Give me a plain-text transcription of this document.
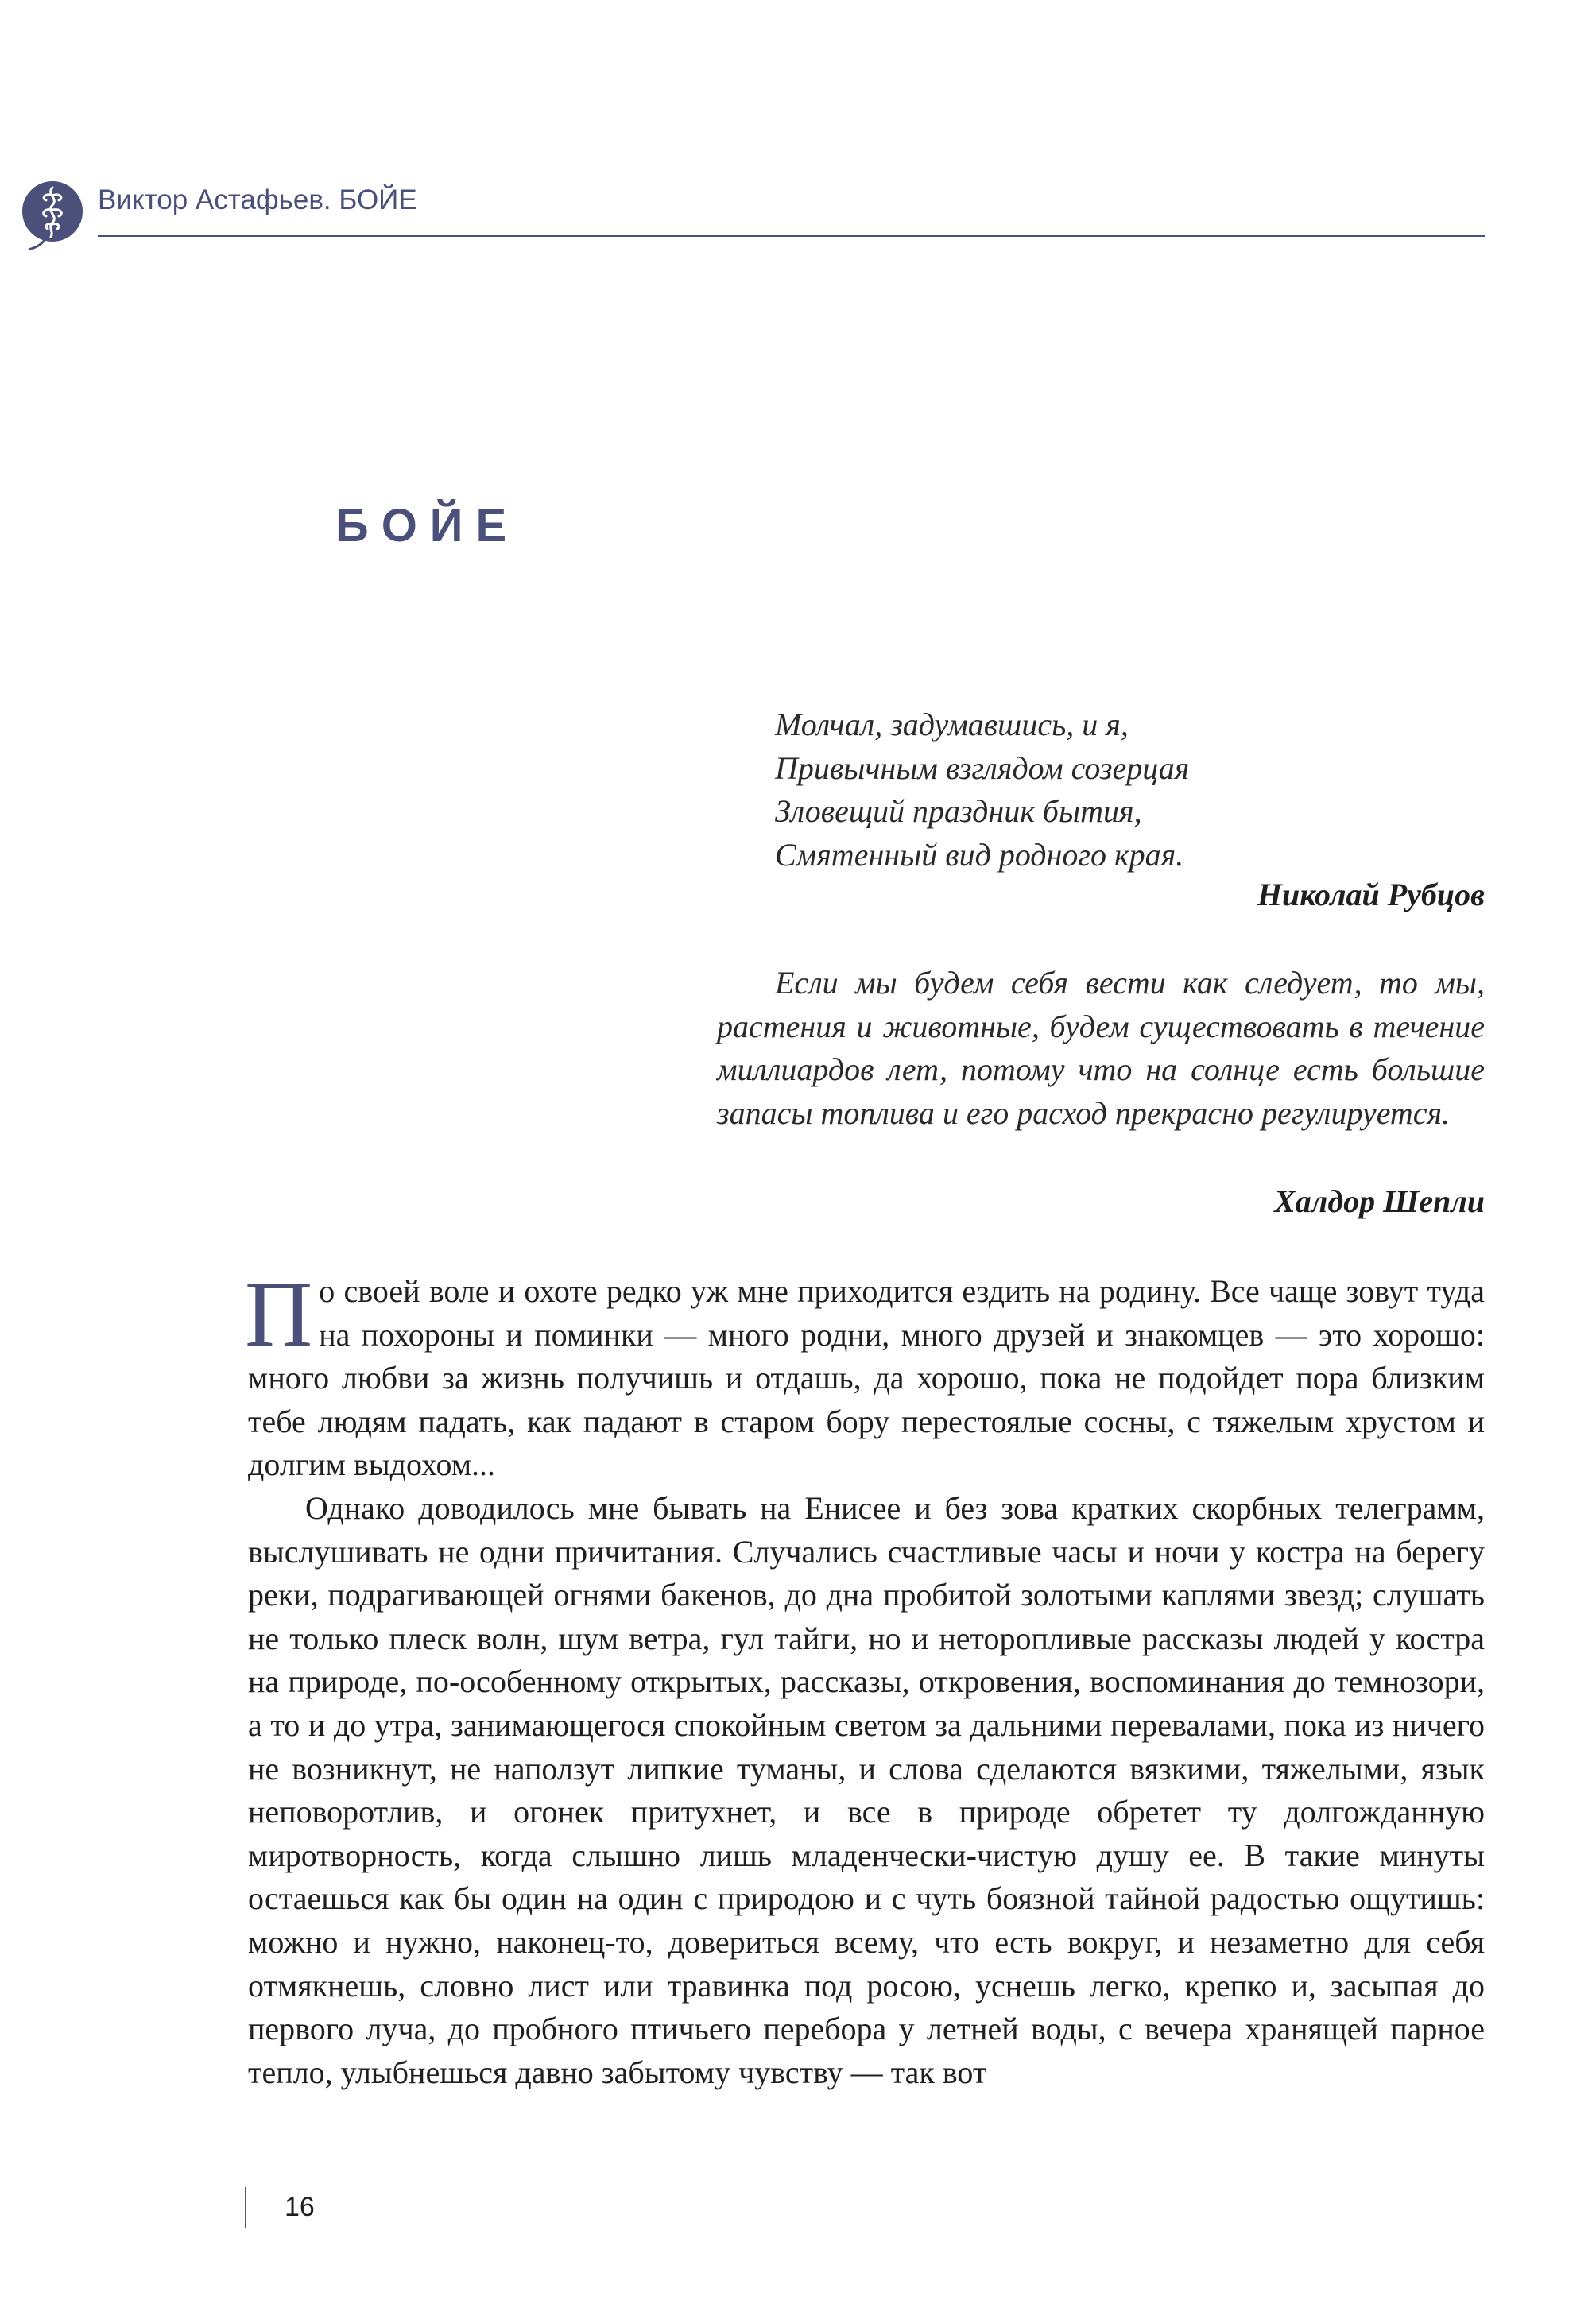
Виктор Астафьев. БОЙЕ
БОЙЕ
Молчал, задумавшись, и я,
Привычным взглядом созерцая
Зловещий праздник бытия,
Смятенный вид родного края.
Николай Рубцов
Если мы будем себя вести как следует, то мы, растения и животные, будем существовать в течение миллиардов лет, потому что на солнце есть большие запасы топлива и его расход прекрасно регулируется.
Халдор Шепли

По своей воле и охоте редко уж мне приходится ездить на родину. Все чаще зовут туда на похороны и поминки — много родни, много друзей и знакомцев — это хорошо: много любви за жизнь получишь и отдашь, да хорошо, пока не подойдет пора близким тебе людям падать, как падают в старом бору перестоялые сосны, с тяжелым хрустом и долгим выдохом...

Однако доводилось мне бывать на Енисее и без зова кратких скорбных телеграмм, выслушивать не одни причитания. Случались счастливые часы и ночи у костра на берегу реки, подрагивающей огнями бакенов, до дна пробитой золотыми каплями звезд; слушать не только плеск волн, шум ветра, гул тайги, но и неторопливые рассказы людей у костра на природе, по-особенному открытых, рассказы, откровения, воспоминания до темнозори, а то и до утра, занимающегося спокойным светом за дальними перевалами, пока из ничего не возникнут, не наползут липкие туманы, и слова сделаются вязкими, тяжелыми, язык неповоротлив, и огонек притухнет, и все в природе обретет ту долгожданную миротворность, когда слышно лишь младенчески-чистую душу ее. В такие минуты остаешься как бы один на один с природою и с чуть боязной тайной радостью ощутишь: можно и нужно, наконец-то, довериться всему, что есть вокруг, и незаметно для себя отмякнешь, словно лист или травинка под росою, уснешь легко, крепко и, засыпая до первого луча, до пробного птичьего перебора у летней воды, с вечера хранящей парное тепло, улыбнешься давно забытому чувству — так вот

16
